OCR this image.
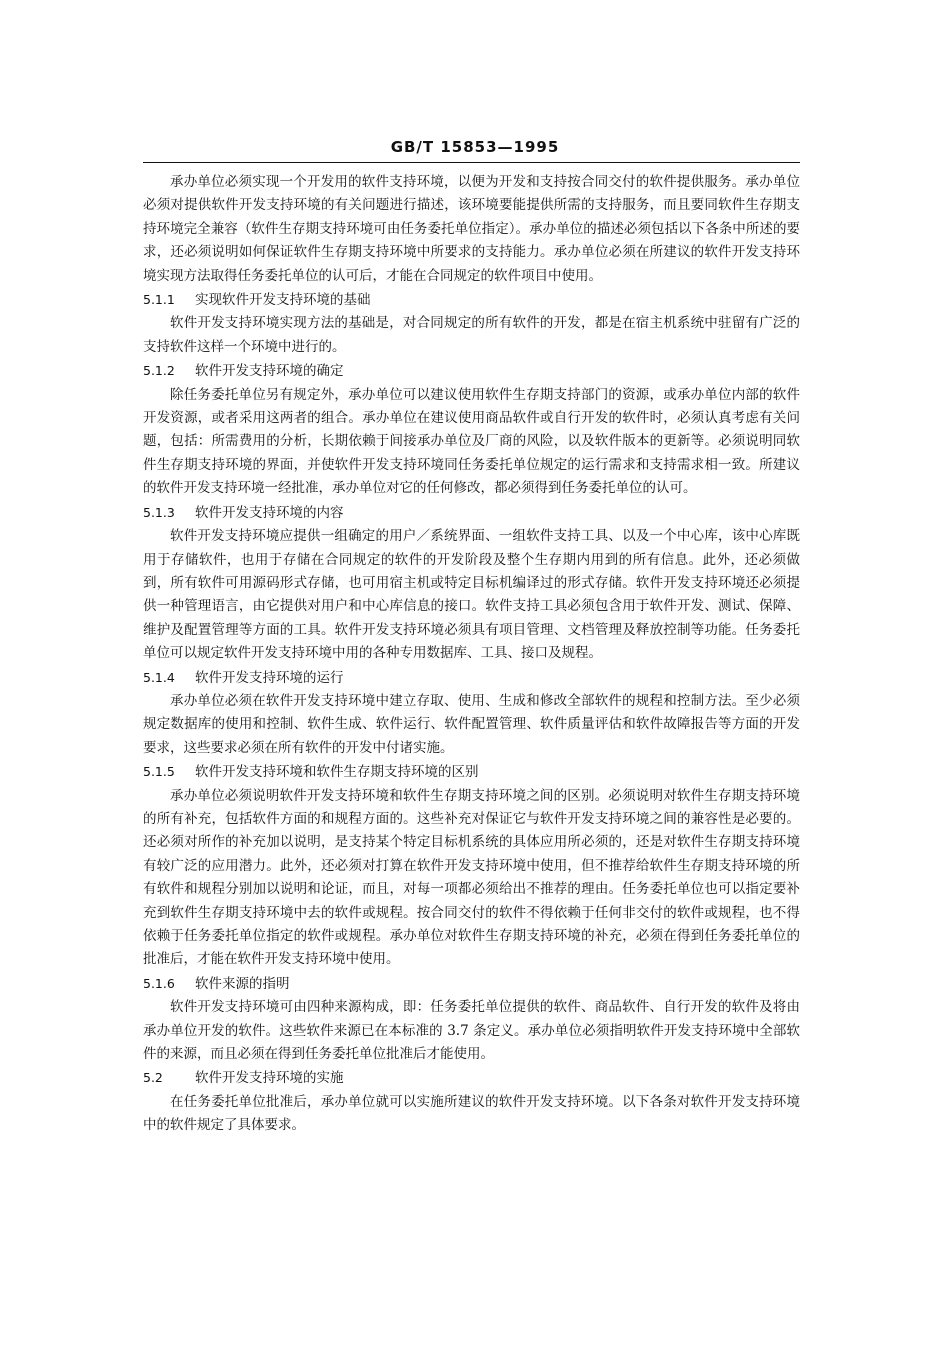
GB/T 15853—1995

承办单位必须实现一个开发用的软件支持环境，以便为开发和支持按合同交付的软件提供服务。承办单位必须对提供软件开发支持环境的有关问题进行描述，该环境要能提供所需的支持服务，而且要同软件生存期支持环境完全兼容（软件生存期支持环境可由任务委托单位指定）。承办单位的描述必须包括以下各条中所述的要求，还必须说明如何保证软件生存期支持环境中所要求的支持能力。承办单位必须在所建议的软件开发支持环境实现方法取得任务委托单位的认可后，才能在合同规定的软件项目中使用。

5.1.1 实现软件开发支持环境的基础

软件开发支持环境实现方法的基础是，对合同规定的所有软件的开发，都是在宿主机系统中驻留有广泛的支持软件这样一个环境中进行的。

5.1.2 软件开发支持环境的确定

除任务委托单位另有规定外，承办单位可以建议使用软件生存期支持部门的资源，或承办单位内部的软件开发资源，或者采用这两者的组合。承办单位在建议使用商品软件或自行开发的软件时，必须认真考虑有关问题，包括：所需费用的分析，长期依赖于间接承办单位及厂商的风险，以及软件版本的更新等。必须说明同软件生存期支持环境的界面，并使软件开发支持环境同任务委托单位规定的运行需求和支持需求相一致。所建议的软件开发支持环境一经批准，承办单位对它的任何修改，都必须得到任务委托单位的认可。

5.1.3 软件开发支持环境的内容

软件开发支持环境应提供一组确定的用户／系统界面、一组软件支持工具、以及一个中心库，该中心库既用于存储软件，也用于存储在合同规定的软件的开发阶段及整个生存期内用到的所有信息。此外，还必须做到，所有软件可用源码形式存储，也可用宿主机或特定目标机编译过的形式存储。软件开发支持环境还必须提供一种管理语言，由它提供对用户和中心库信息的接口。软件支持工具必须包含用于软件开发、测试、保障、维护及配置管理等方面的工具。软件开发支持环境必须具有项目管理、文档管理及释放控制等功能。任务委托单位可以规定软件开发支持环境中用的各种专用数据库、工具、接口及规程。

5.1.4 软件开发支持环境的运行

承办单位必须在软件开发支持环境中建立存取、使用、生成和修改全部软件的规程和控制方法。至少必须规定数据库的使用和控制、软件生成、软件运行、软件配置管理、软件质量评估和软件故障报告等方面的开发要求，这些要求必须在所有软件的开发中付诸实施。

5.1.5 软件开发支持环境和软件生存期支持环境的区别

承办单位必须说明软件开发支持环境和软件生存期支持环境之间的区别。必须说明对软件生存期支持环境的所有补充，包括软件方面的和规程方面的。这些补充对保证它与软件开发支持环境之间的兼容性是必要的。还必须对所作的补充加以说明，是支持某个特定目标机系统的具体应用所必须的，还是对软件生存期支持环境有较广泛的应用潜力。此外，还必须对打算在软件开发支持环境中使用，但不推荐给软件生存期支持环境的所有软件和规程分别加以说明和论证，而且，对每一项都必须给出不推荐的理由。任务委托单位也可以指定要补充到软件生存期支持环境中去的软件或规程。按合同交付的软件不得依赖于任何非交付的软件或规程，也不得依赖于任务委托单位指定的软件或规程。承办单位对软件生存期支持环境的补充，必须在得到任务委托单位的批准后，才能在软件开发支持环境中使用。

5.1.6 软件来源的指明

软件开发支持环境可由四种来源构成，即：任务委托单位提供的软件、商品软件、自行开发的软件及将由承办单位开发的软件。这些软件来源已在本标准的 3.7 条定义。承办单位必须指明软件开发支持环境中全部软件的来源，而且必须在得到任务委托单位批准后才能使用。

5.2 软件开发支持环境的实施

在任务委托单位批准后，承办单位就可以实施所建议的软件开发支持环境。以下各条对软件开发支持环境中的软件规定了具体要求。
